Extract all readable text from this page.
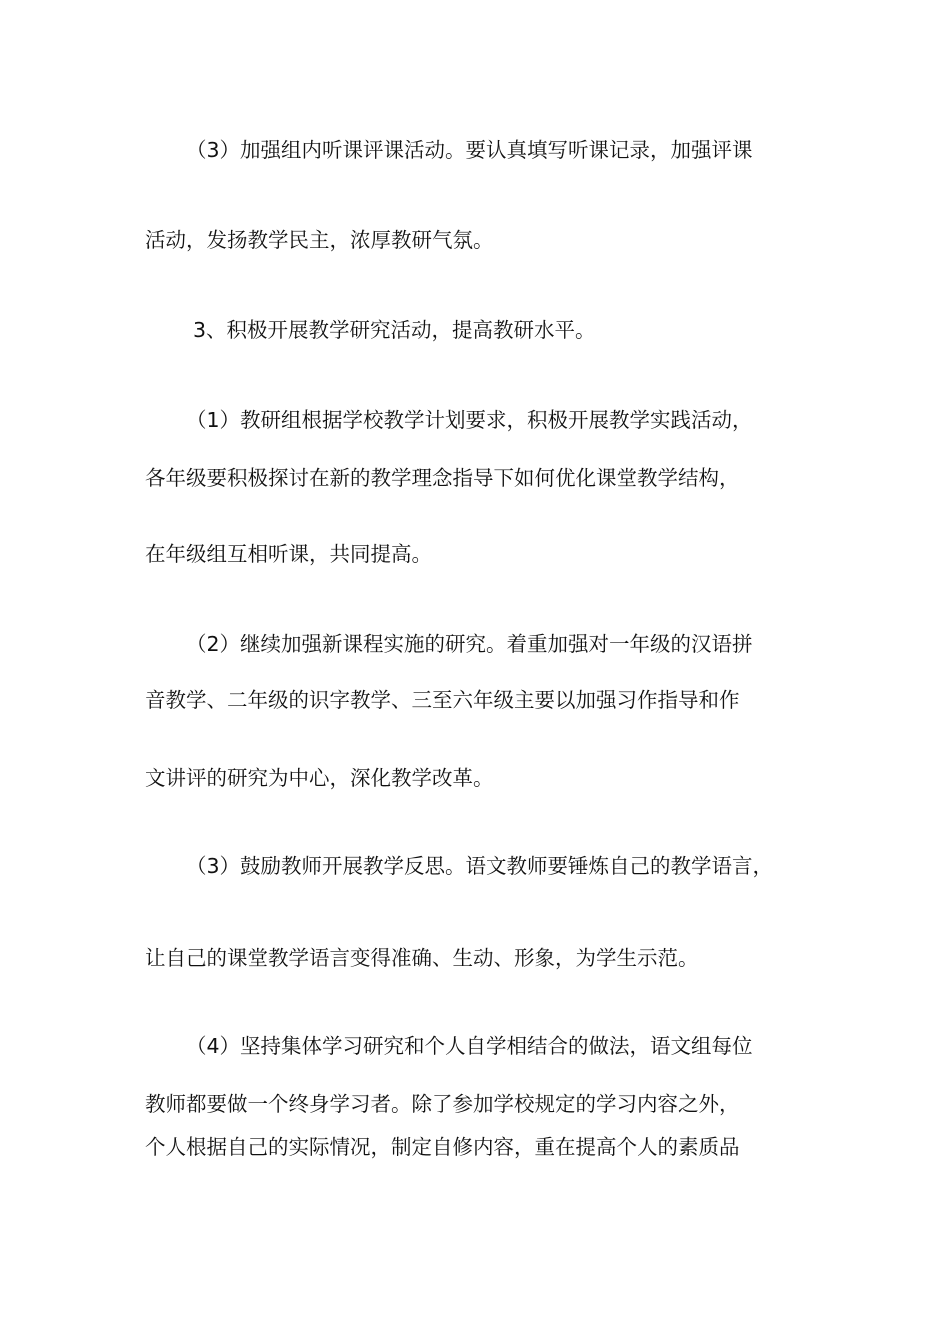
（3）加强组内听课评课活动。要认真填写听课记录，加强评课
活动，发扬教学民主，浓厚教研气氛。
3、积极开展教学研究活动，提高教研水平。
（1）教研组根据学校教学计划要求，积极开展教学实践活动，
各年级要积极探讨在新的教学理念指导下如何优化课堂教学结构，
在年级组互相听课，共同提高。
（2）继续加强新课程实施的研究。着重加强对一年级的汉语拼
音教学、二年级的识字教学、三至六年级主要以加强习作指导和作
文讲评的研究为中心，深化教学改革。
（3）鼓励教师开展教学反思。语文教师要锤炼自己的教学语言，
让自己的课堂教学语言变得准确、生动、形象，为学生示范。
（4）坚持集体学习研究和个人自学相结合的做法，语文组每位
教师都要做一个终身学习者。除了参加学校规定的学习内容之外，
个人根据自己的实际情况，制定自修内容，重在提高个人的素质品
